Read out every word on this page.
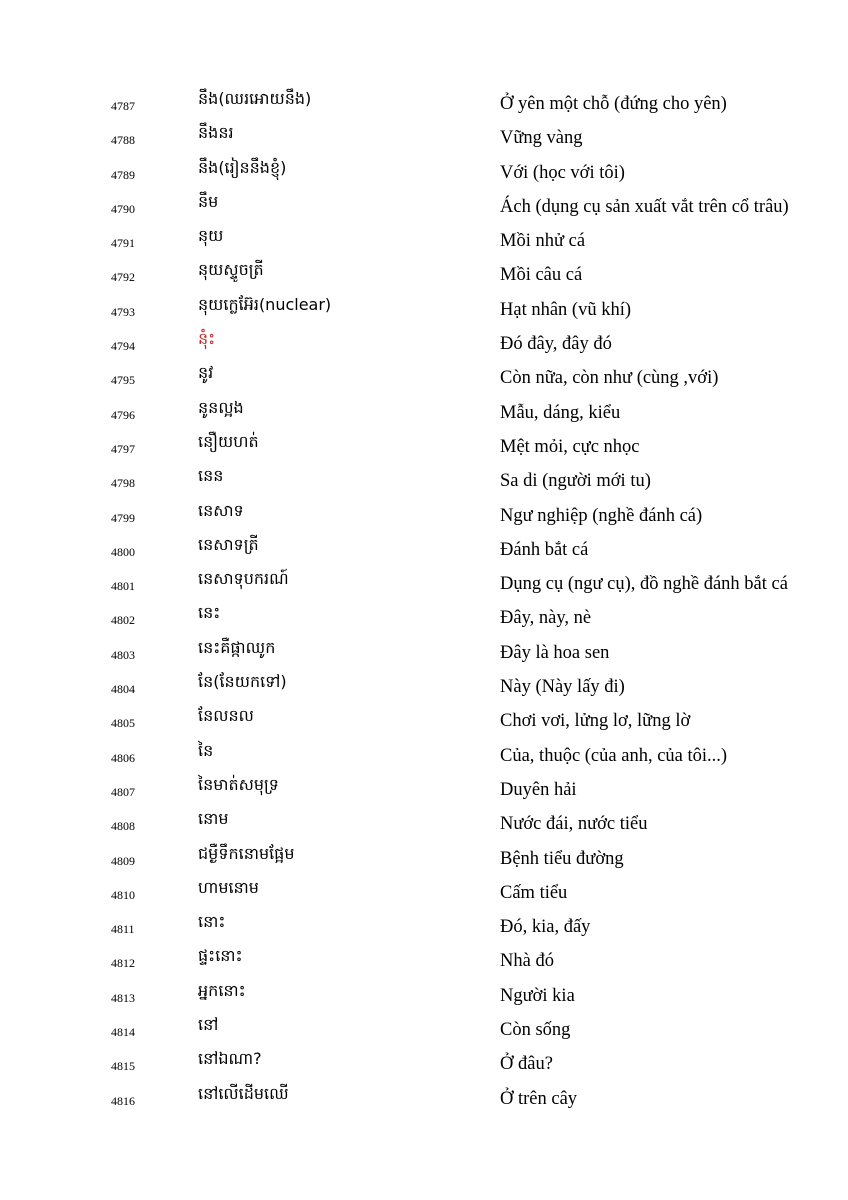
4787	នឹង(ឈរអោយនឹង)	Ở yên một chỗ (đứng cho yên)
4788	នឹងនរ	Vững vàng
4789	នឹង(រៀននឹងខ្ញុំ)	Với (học với tôi)
4790	នឹម	Ách (dụng cụ sản xuất vắt trên cổ trâu)
4791	នុយ	Mồi nhử cá
4792	នុយស្ទូចត្រី	Mồi câu cá
4793	នុយក្លេអ៊ែរ(nuclear)	Hạt nhân (vũ khí)
4794	នុំះ	Đó đây, đây đó
4795	នូវ	Còn nữa, còn như (cùng ,với)
4796	នូនល្អង	Mẫu, dáng, kiểu
4797	នឿយហត់	Mệt mỏi, cực nhọc
4798	នេន	Sa di (người mới tu)
4799	នេសាទ	Ngư nghiệp (nghề đánh cá)
4800	នេសាទត្រី	Đánh bắt cá
4801	នេសាទុបករណ៍	Dụng cụ (ngư cụ), đồ nghề đánh bắt cá
4802	នេះ	Đây, này, nè
4803	នេះគឺផ្កាឈូក	Đây là hoa sen
4804	នែ(នែយកទៅ)	Này (Này lấy đi)
4805	នែលនល	Chơi vơi, lửng lơ, lững lờ
4806	នៃ	Của, thuộc (của anh, của tôi...)
4807	នៃមាត់សមុទ្រ	Duyên hải
4808	នោម	Nước đái, nước tiểu
4809	ជម្ងឺទឹកនោមផ្អែម	Bệnh tiểu đường
4810	ហាមនោម	Cấm tiểu
4811	នោះ	Đó, kia, đấy
4812	ផ្ទះនោះ	Nhà đó
4813	អ្នកនោះ	Người kia
4814	នៅ	Còn sống
4815	នៅឯណា?	Ở đâu?
4816	នៅលើដើមឈើ	Ở trên cây
